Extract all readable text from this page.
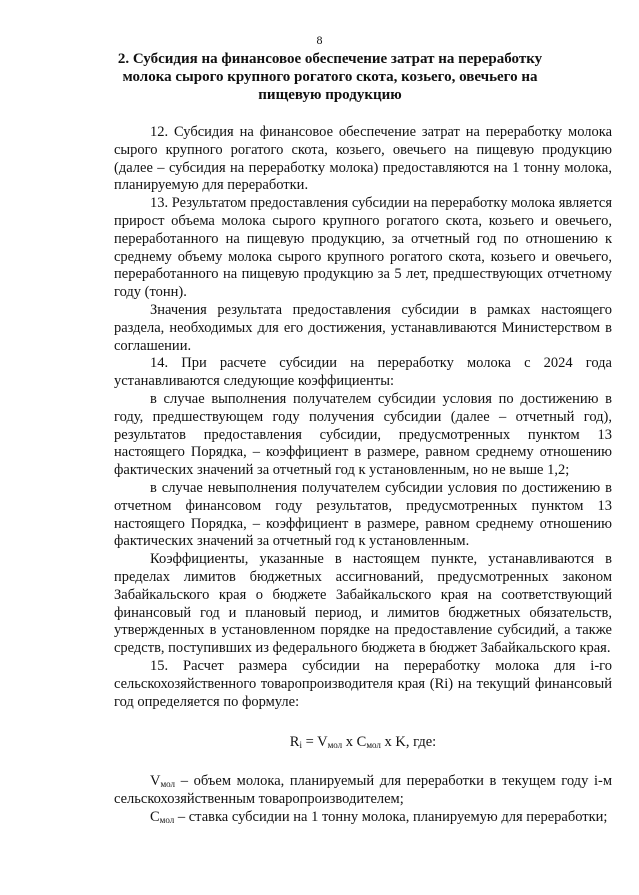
8
2. Субсидия на финансовое обеспечение затрат на переработку молока сырого крупного рогатого скота, козьего, овечьего на пищевую продукцию

12. Субсидия на финансовое обеспечение затрат на переработку молока сырого крупного рогатого скота, козьего, овечьего на пищевую продукцию (далее – субсидия на переработку молока) предоставляются на 1 тонну молока, планируемую для переработки.

13. Результатом предоставления субсидии на переработку молока является прирост объема молока сырого крупного рогатого скота, козьего и овечьего, переработанного на пищевую продукцию, за отчетный год по отношению к среднему объему молока сырого крупного рогатого скота, козьего и овечьего, переработанного на пищевую продукцию за 5 лет, предшествующих отчетному году (тонн).

Значения результата предоставления субсидии в рамках настоящего раздела, необходимых для его достижения, устанавливаются Министерством в соглашении.

14. При расчете субсидии на переработку молока с 2024 года устанавливаются следующие коэффициенты:

в случае выполнения получателем субсидии условия по достижению в году, предшествующем году получения субсидии (далее – отчетный год), результатов предоставления субсидии, предусмотренных пунктом 13 настоящего Порядка, – коэффициент в размере, равном среднему отношению фактических значений за отчетный год к установленным, но не выше 1,2;

в случае невыполнения получателем субсидии условия по достижению в отчетном финансовом году результатов, предусмотренных пунктом 13 настоящего Порядка, – коэффициент в размере, равном среднему отношению фактических значений за отчетный год к установленным.

Коэффициенты, указанные в настоящем пункте, устанавливаются в пределах лимитов бюджетных ассигнований, предусмотренных законом Забайкальского края о бюджете Забайкальского края на соответствующий финансовый год и плановый период, и лимитов бюджетных обязательств, утвержденных в установленном порядке на предоставление субсидий, а также средств, поступивших из федерального бюджета в бюджет Забайкальского края.

15. Расчет размера субсидии на переработку молока для i-го сельскохозяйственного товаропроизводителя края (Ri) на текущий финансовый год определяется по формуле:

$R_i = V_{мол}$ x $C_{мол}$ x K, где:

$V_{мол}$ – объем молока, планируемый для переработки в текущем году i-м сельскохозяйственным товаропроизводителем;

$C_{мол}$ – ставка субсидии на 1 тонну молока, планируемую для переработки;
